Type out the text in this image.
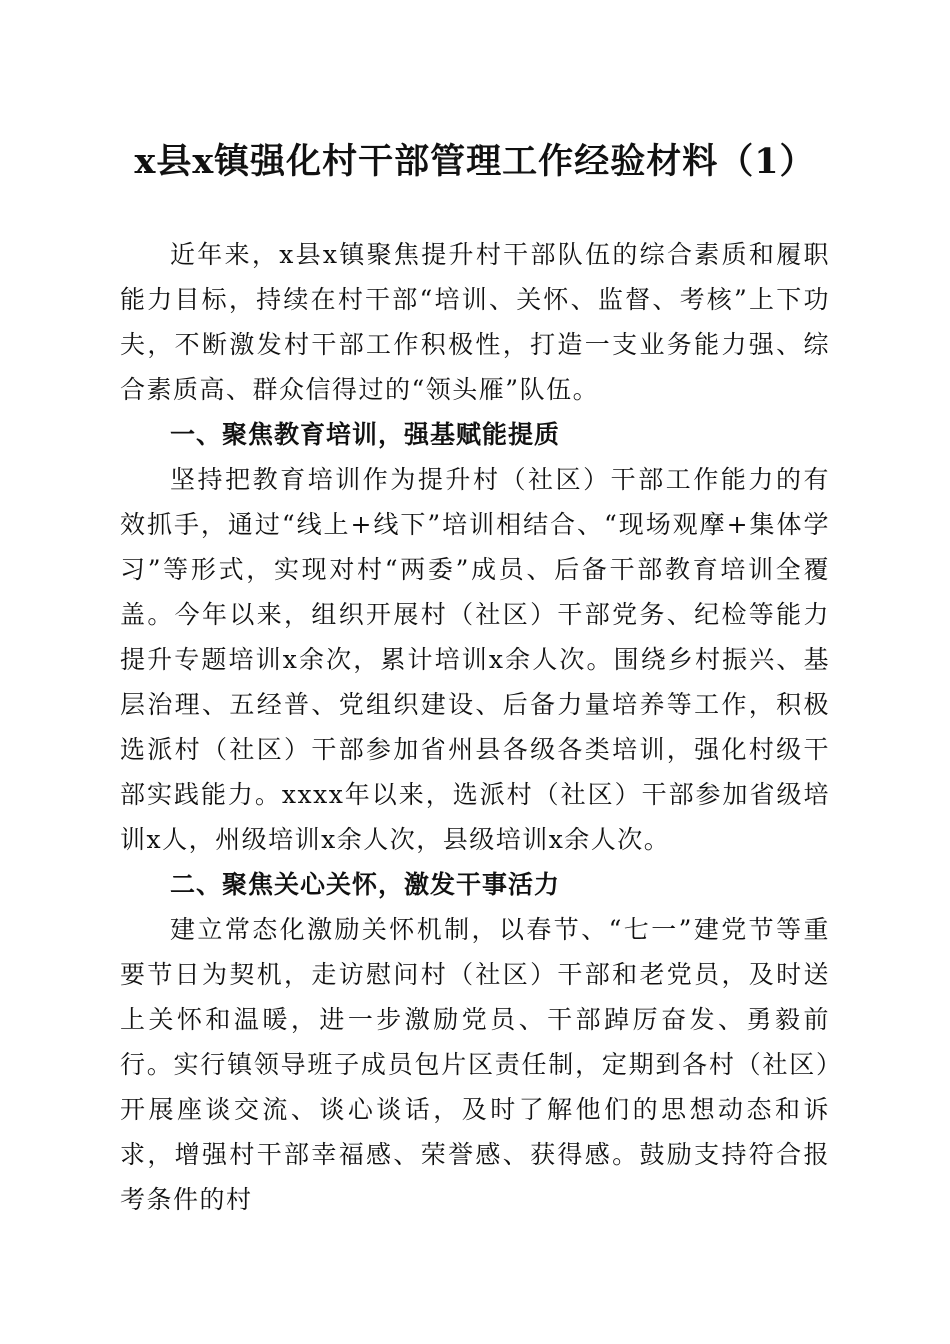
x县x镇强化村干部管理工作经验材料（1）

近年来，x县x镇聚焦提升村干部队伍的综合素质和履职能力目标，持续在村干部“培训、关怀、监督、考核”上下功夫，不断激发村干部工作积极性，打造一支业务能力强、综合素质高、群众信得过的“领头雁”队伍。

一、聚焦教育培训，强基赋能提质

坚持把教育培训作为提升村（社区）干部工作能力的有效抓手，通过“线上+线下”培训相结合、“现场观摩+集体学习”等形式，实现对村“两委”成员、后备干部教育培训全覆盖。今年以来，组织开展村（社区）干部党务、纪检等能力提升专题培训x余次，累计培训x余人次。围绕乡村振兴、基层治理、五经普、党组织建设、后备力量培养等工作，积极选派村（社区）干部参加省州县各级各类培训，强化村级干部实践能力。xxxx年以来，选派村（社区）干部参加省级培训x人，州级培训x余人次，县级培训x余人次。

二、聚焦关心关怀，激发干事活力

建立常态化激励关怀机制，以春节、“七一”建党节等重要节日为契机，走访慰问村（社区）干部和老党员，及时送上关怀和温暖，进一步激励党员、干部踔厉奋发、勇毅前行。实行镇领导班子成员包片区责任制，定期到各村（社区）开展座谈交流、谈心谈话，及时了解他们的思想动态和诉求，增强村干部幸福感、荣誉感、获得感。鼓励支持符合报考条件的村
